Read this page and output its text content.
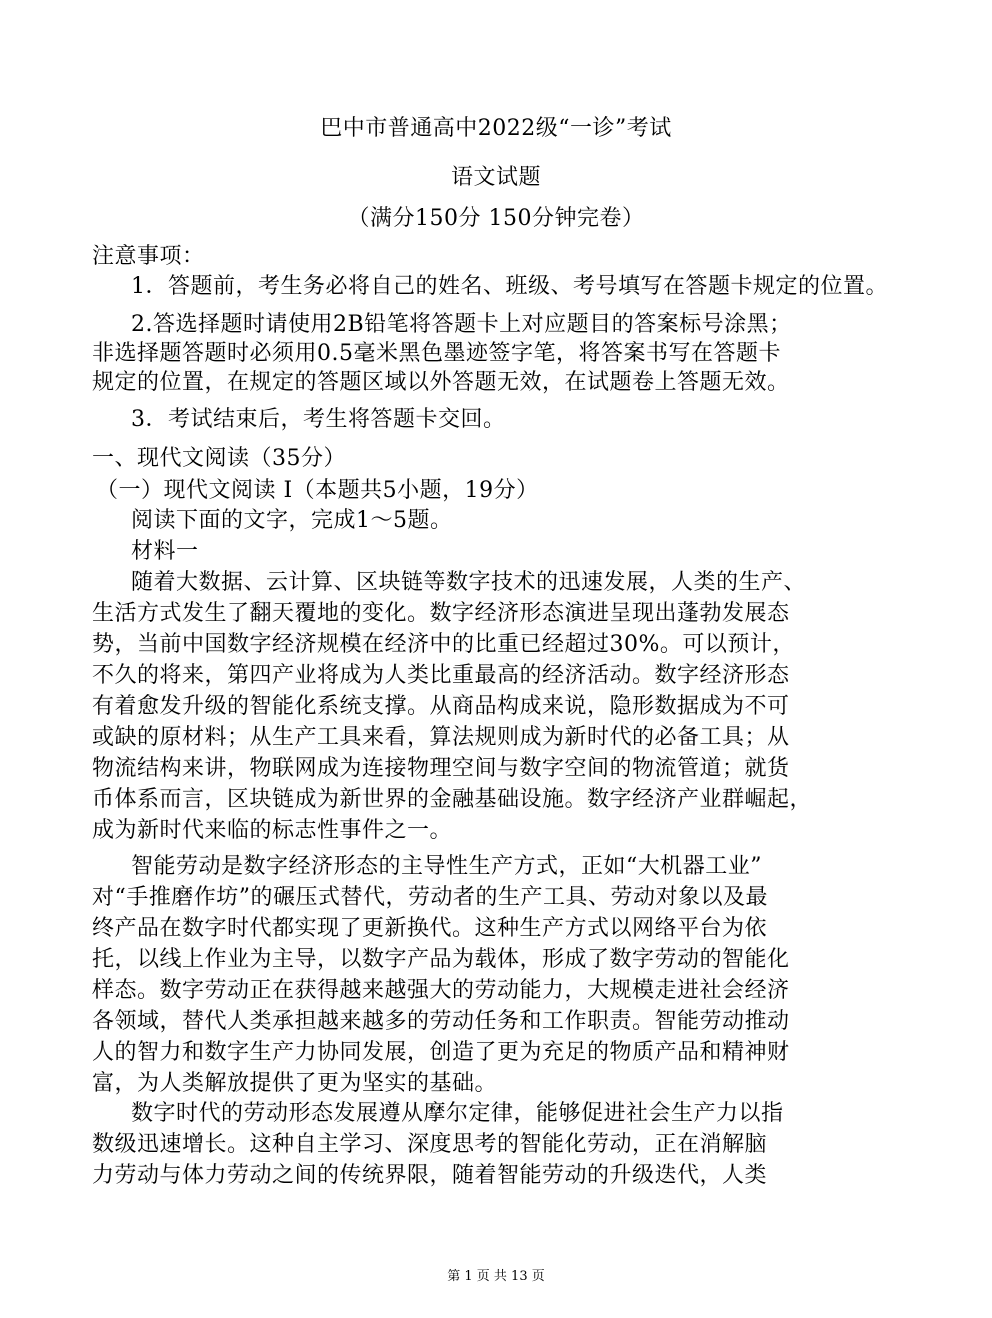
巴中市普通高中2022级“一诊”考试
语文试题
（满分150分 150分钟完卷）
注意事项：
1．答题前，考生务必将自己的姓名、班级、考号填写在答题卡规定的位置。
2.答选择题时请使用2B铅笔将答题卡上对应题目的答案标号涂黑；
非选择题答题时必须用0.5毫米黑色墨迹签字笔，将答案书写在答题卡
规定的位置，在规定的答题区域以外答题无效，在试题卷上答题无效。
3．考试结束后，考生将答题卡交回。
一、现代文阅读（35分）
（一）现代文阅读 I（本题共5小题，19分）
阅读下面的文字，完成1～5题。
材料一
随着大数据、云计算、区块链等数字技术的迅速发展，人类的生产、
生活方式发生了翻天覆地的变化。数字经济形态演进呈现出蓬勃发展态
势，当前中国数字经济规模在经济中的比重已经超过30%。可以预计，
不久的将来，第四产业将成为人类比重最高的经济活动。数字经济形态
有着愈发升级的智能化系统支撑。从商品构成来说，隐形数据成为不可
或缺的原材料；从生产工具来看，算法规则成为新时代的必备工具；从
物流结构来讲，物联网成为连接物理空间与数字空间的物流管道；就货
币体系而言，区块链成为新世界的金融基础设施。数字经济产业群崛起，
成为新时代来临的标志性事件之一。
智能劳动是数字经济形态的主导性生产方式，正如“大机器工业”
对“手推磨作坊”的碾压式替代，劳动者的生产工具、劳动对象以及最
终产品在数字时代都实现了更新换代。这种生产方式以网络平台为依
托，以线上作业为主导，以数字产品为载体，形成了数字劳动的智能化
样态。数字劳动正在获得越来越强大的劳动能力，大规模走进社会经济
各领域，替代人类承担越来越多的劳动任务和工作职责。智能劳动推动
人的智力和数字生产力协同发展，创造了更为充足的物质产品和精神财
富，为人类解放提供了更为坚实的基础。
数字时代的劳动形态发展遵从摩尔定律，能够促进社会生产力以指
数级迅速增长。这种自主学习、深度思考的智能化劳动，正在消解脑
力劳动与体力劳动之间的传统界限，随着智能劳动的升级迭代，人类
第 1 页 共 13 页
